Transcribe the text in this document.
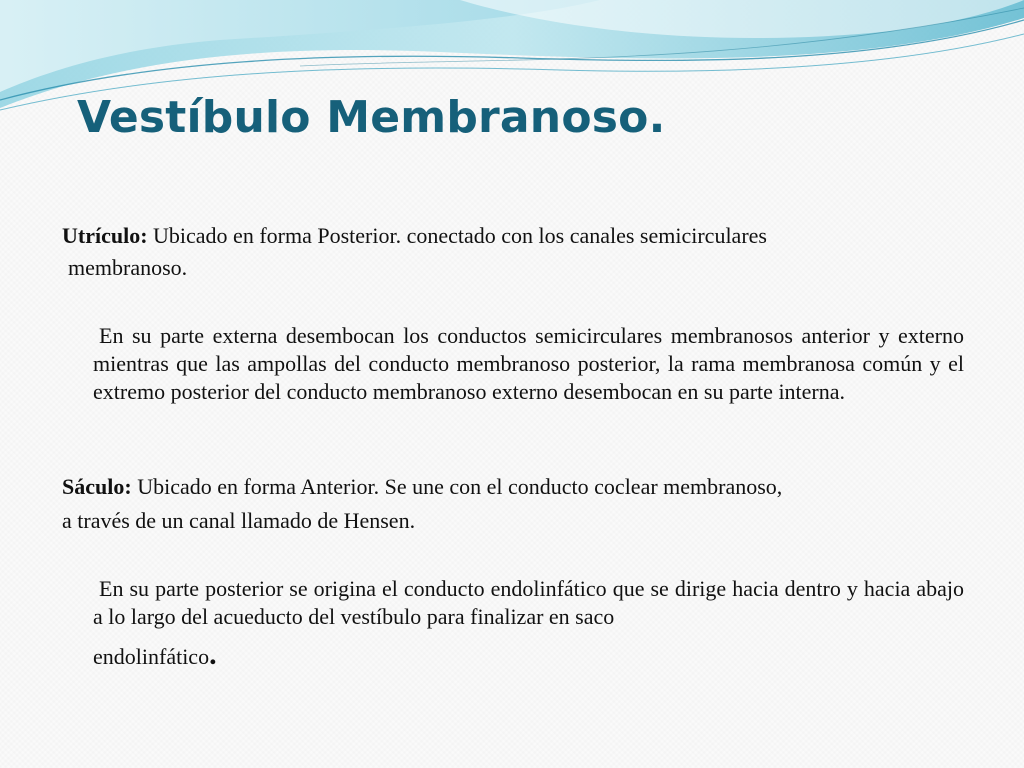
Vestíbulo Membranoso.
Utrículo: Ubicado en forma Posterior. conectado con los canales semicirculares
membranoso.
En su parte externa desembocan los conductos semicirculares membranosos anterior y externo mientras que las ampollas del conducto membranoso posterior, la rama membranosa común y el extremo posterior del conducto membranoso externo desembocan en su parte interna.
Sáculo: Ubicado en forma Anterior. Se une con el conducto coclear membranoso,
a través de un canal llamado de Hensen.
En su parte posterior se origina el conducto endolinfático que se dirige hacia dentro y hacia abajo a lo largo del acueducto del vestíbulo para finalizar en saco
endolinfático.
